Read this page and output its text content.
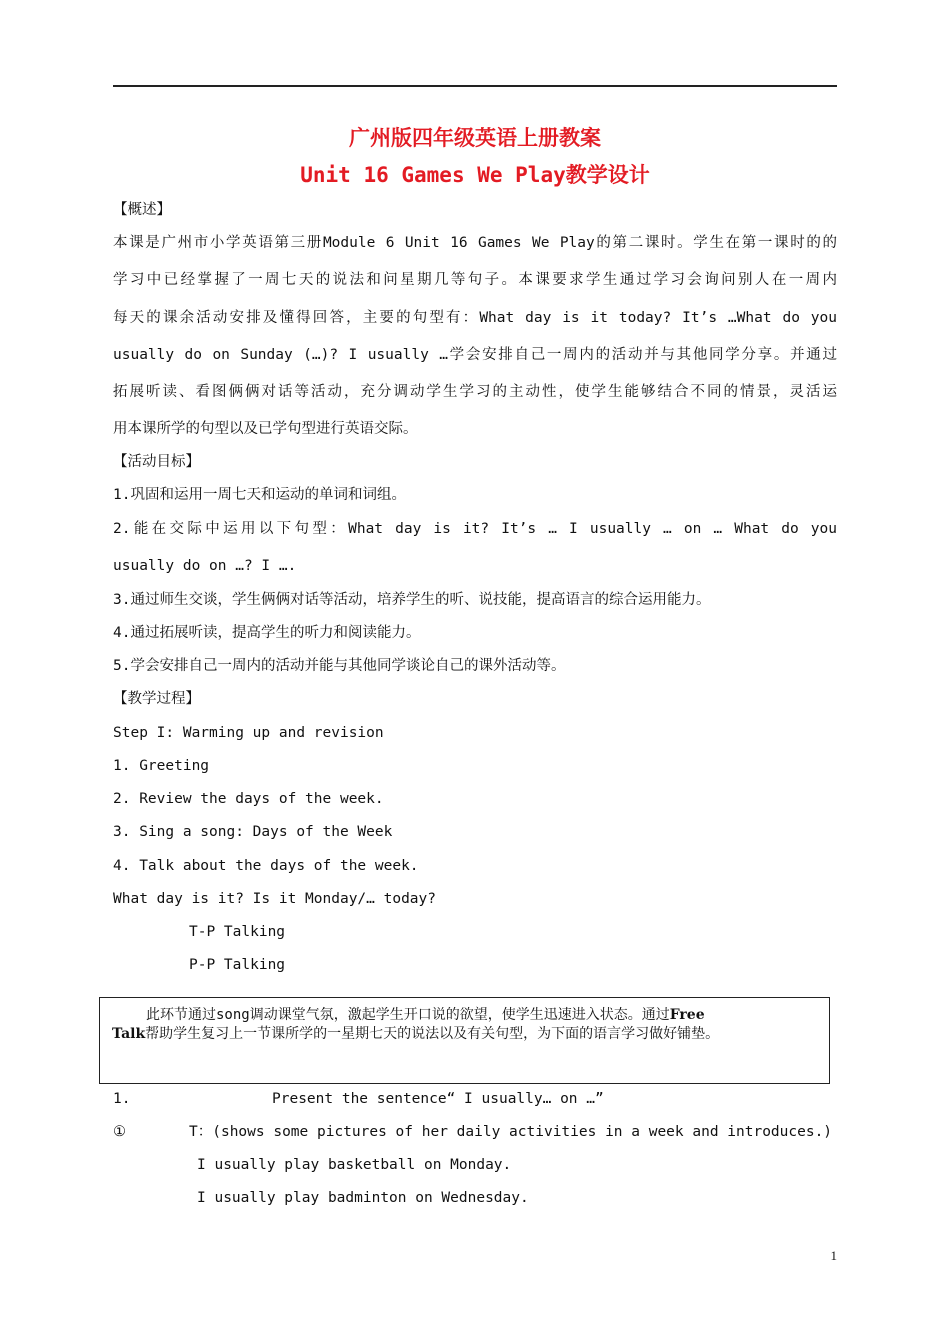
广州版四年级英语上册教案
Unit 16 Games We Play教学设计
【概述】
本课是广州市小学英语第三册Module 6 Unit 16 Games We Play的第二课时。学生在第一课时的的
学习中已经掌握了一周七天的说法和问星期几等句子。本课要求学生通过学习会询问别人在一周内
每天的课余活动安排及懂得回答，主要的句型有：What day is it today? It’s …What do you
usually do on Sunday (…)? I usually …学会安排自己一周内的活动并与其他同学分享。并通过
拓展听读、看图俩俩对话等活动，充分调动学生学习的主动性，使学生能够结合不同的情景，灵活运
用本课所学的句型以及已学句型进行英语交际。
【活动目标】
1.巩固和运用一周七天和运动的单词和词组。
2.能在交际中运用以下句型：What day is it? It’s … I usually … on … What do you
usually do on …? I ….
3.通过师生交谈，学生俩俩对话等活动，培养学生的听、说技能，提高语言的综合运用能力。
4.通过拓展听读，提高学生的听力和阅读能力。
5.学会安排自己一周内的活动并能与其他同学谈论自己的课外活动等。
【教学过程】
Step I: Warming up and revision
1. Greeting
2. Review the days of the week.
3. Sing a song: Days of the Week
4. Talk about the days of the week.
What day is it? Is it Monday/… today?
T-P Talking
P-P Talking
此环节通过song调动课堂气氛，激起学生开口说的欲望，使学生迅速进入状态。通过Free
Talk帮助学生复习上一节课所学的一星期七天的说法以及有关句型，为下面的语言学习做好铺垫。
1.	Present the sentence“ I usually… on …”
①	T：(shows some pictures of her daily activities in a week and introduces.)
I usually play basketball on Monday.
I usually play badminton on Wednesday.
1
